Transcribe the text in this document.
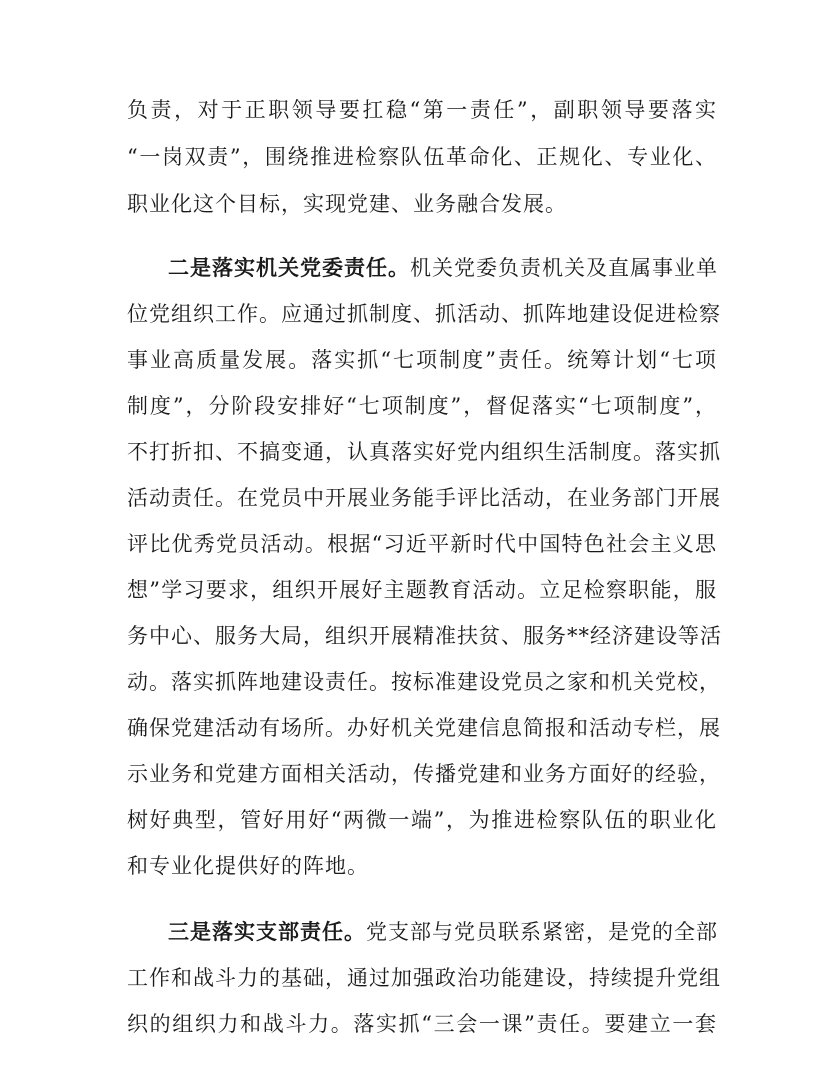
负责，对于正职领导要扛稳“第一责任”，副职领导要落实
“一岗双责”，围绕推进检察队伍革命化、正规化、专业化、
职业化这个目标，实现党建、业务融合发展。
二是落实机关党委责任。机关党委负责机关及直属事业单
位党组织工作。应通过抓制度、抓活动、抓阵地建设促进检察
事业高质量发展。落实抓“七项制度”责任。统筹计划“七项
制度”，分阶段安排好“七项制度”，督促落实“七项制度”，
不打折扣、不搞变通，认真落实好党内组织生活制度。落实抓
活动责任。在党员中开展业务能手评比活动，在业务部门开展
评比优秀党员活动。根据“习近平新时代中国特色社会主义思
想”学习要求，组织开展好主题教育活动。立足检察职能，服
务中心、服务大局，组织开展精准扶贫、服务**经济建设等活
动。落实抓阵地建设责任。按标准建设党员之家和机关党校，
确保党建活动有场所。办好机关党建信息简报和活动专栏，展
示业务和党建方面相关活动，传播党建和业务方面好的经验，
树好典型，管好用好“两微一端”，为推进检察队伍的职业化
和专业化提供好的阵地。
三是落实支部责任。党支部与党员联系紧密，是党的全部
工作和战斗力的基础，通过加强政治功能建设，持续提升党组
织的组织力和战斗力。落实抓“三会一课”责任。要建立一套
